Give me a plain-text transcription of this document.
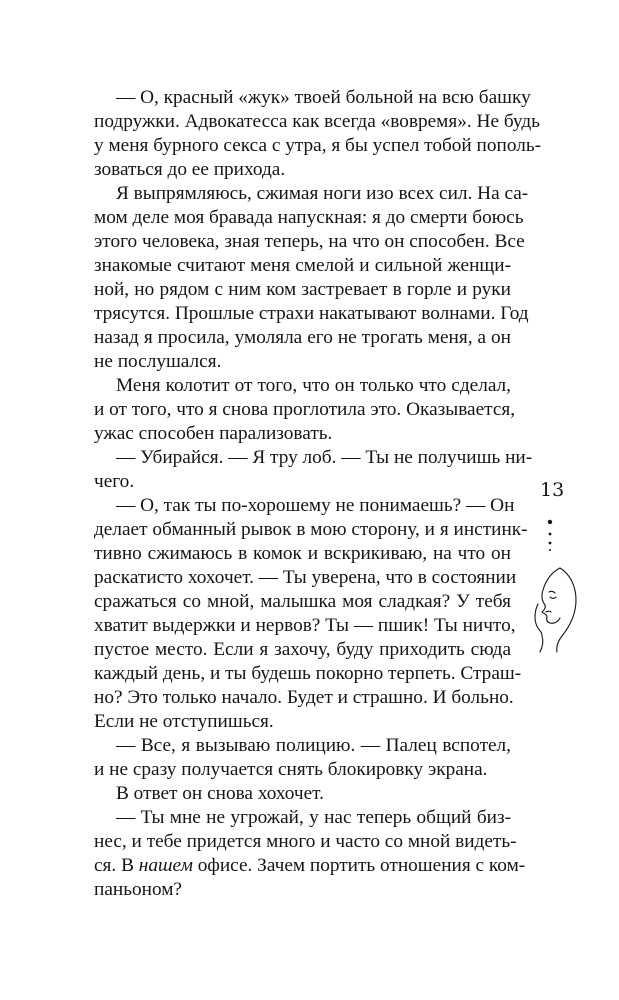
— О, красный «жук» твоей больной на всю башку
подружки. Адвокатесса как всегда «вовремя». Не будь
у меня бурного секса с утра, я бы успел тобой пополь-
зоваться до ее прихода.
Я выпрямляюсь, сжимая ноги изо всех сил. На са-
мом деле моя бравада напускная: я до смерти боюсь
этого человека, зная теперь, на что он способен. Все
знакомые считают меня смелой и сильной женщи-
ной, но рядом с ним ком застревает в горле и руки
трясутся. Прошлые страхи накатывают волнами. Год
назад я просила, умоляла его не трогать меня, а он
не послушался.
Меня колотит от того, что он только что сделал,
и от того, что я снова проглотила это. Оказывается,
ужас способен парализовать.
— Убирайся. — Я тру лоб. — Ты не получишь ни-
чего.
— О, так ты по-хорошему не понимаешь? — Он
делает обманный рывок в мою сторону, и я инстинк-
тивно сжимаюсь в комок и вскрикиваю, на что он
раскатисто хохочет. — Ты уверена, что в состоянии
сражаться со мной, малышка моя сладкая? У тебя
хватит выдержки и нервов? Ты — пшик! Ты ничто,
пустое место. Если я захочу, буду приходить сюда
каждый день, и ты будешь покорно терпеть. Страш-
но? Это только начало. Будет и страшно. И больно.
Если не отступишься.
— Все, я вызываю полицию. — Палец вспотел,
и не сразу получается снять блокировку экрана.
В ответ он снова хохочет.
— Ты мне не угрожай, у нас теперь общий биз-
нес, и тебе придется много и часто со мной видеть-
ся. В нашем офисе. Зачем портить отношения с ком-
паньоном?
13
